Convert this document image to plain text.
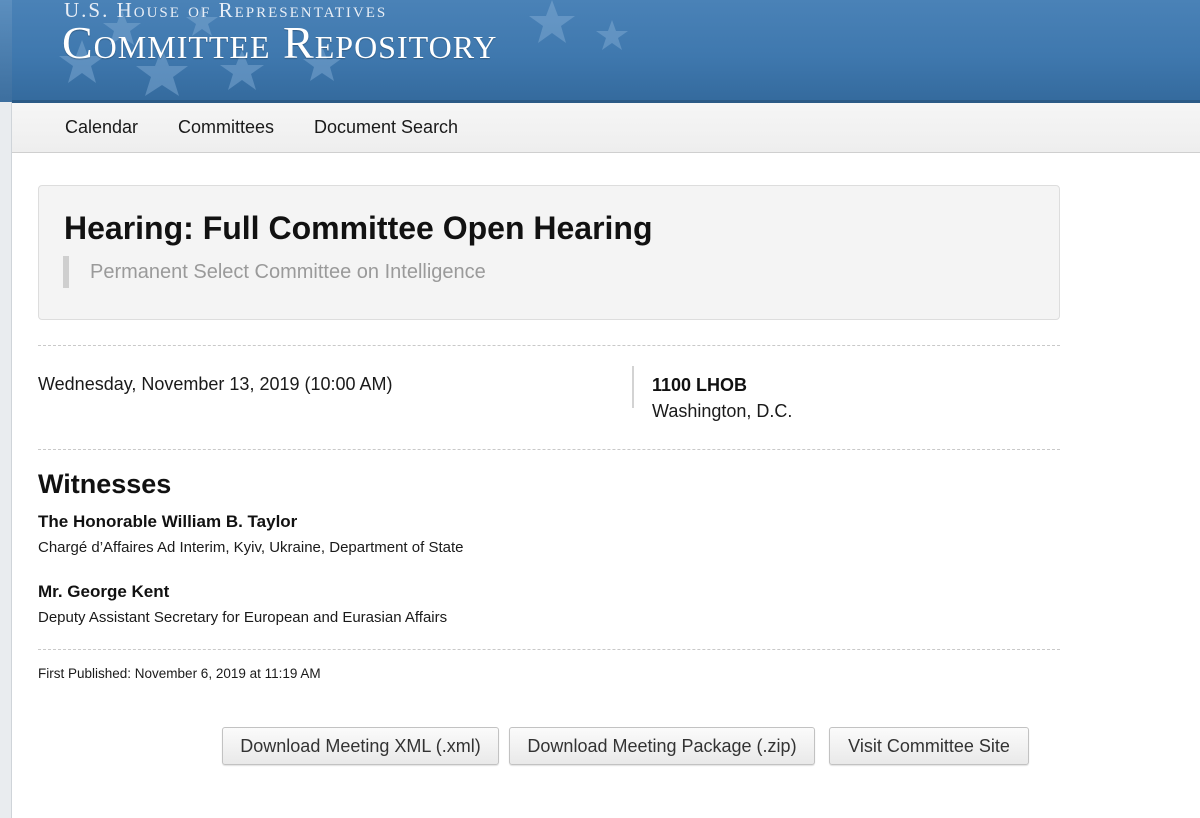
U.S. House of Representatives
Committee Repository
Calendar Committees Document Search
Hearing: Full Committee Open Hearing
Permanent Select Committee on Intelligence
Wednesday, November 13, 2019 (10:00 AM)	1100 LHOB
Washington, D.C.
Witnesses
The Honorable William B. Taylor
Chargé d’Affaires Ad Interim, Kyiv, Ukraine, Department of State
Mr. George Kent
Deputy Assistant Secretary for European and Eurasian Affairs
First Published: November 6, 2019 at 11:19 AM
Download Meeting XML (.xml)	Download Meeting Package (.zip)	Visit Committee Site
